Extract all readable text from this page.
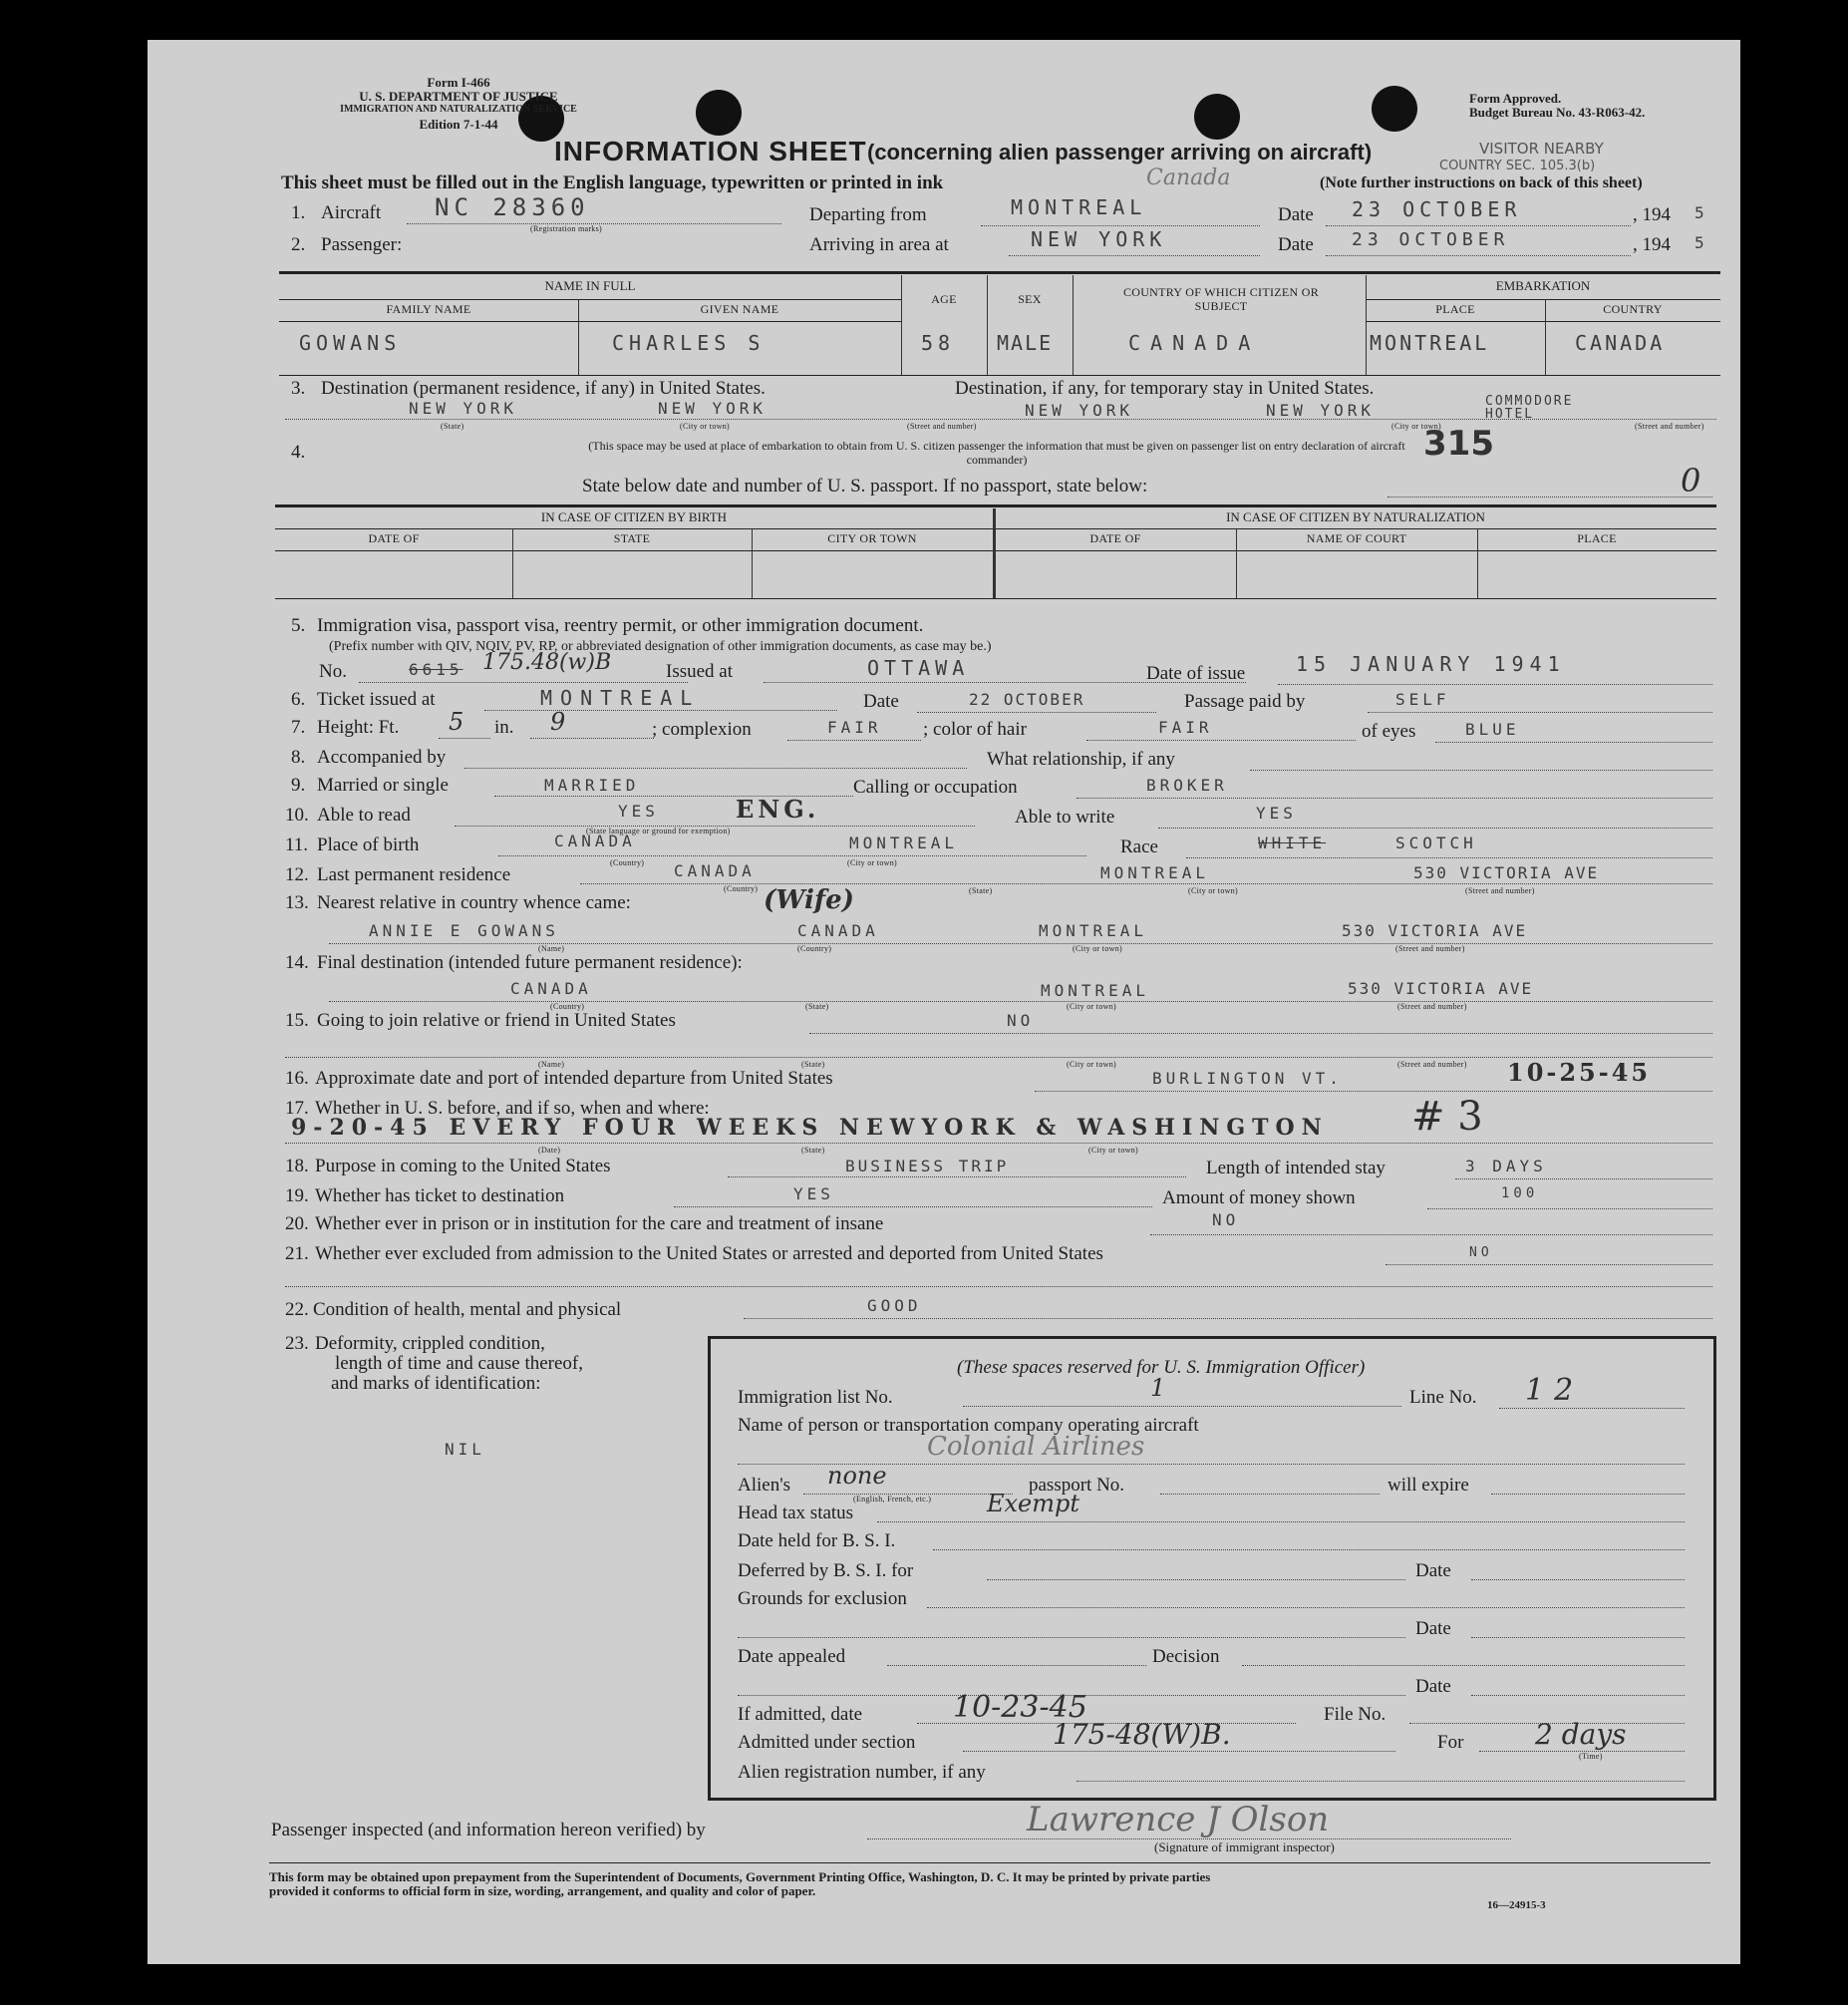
Form I-466
U. S. DEPARTMENT OF JUSTICE
IMMIGRATION AND NATURALIZATION SERVICE
Edition 7-1-44
Form Approved.
Budget Bureau No. 43-R063-42.
VISITOR NEARBY
COUNTRY SEC. 105.3(b)
INFORMATION SHEET (concerning alien passenger arriving on aircraft)
This sheet must be filled out in the English language, typewritten or printed in ink	Canada	(Note further instructions on back of this sheet)
1. Aircraft NC 28360
(Registration marks)
Departing from	MONTREAL	Date 23 OCTOBER	, 194 5
2. Passenger:	Arriving in area at	NEW YORK	Date 23 OCTOBER	, 194 5
NAME IN FULL
FAMILY NAME	GIVEN NAME
AGE	SEX	COUNTRY OF WHICH CITIZEN OR SUBJECT
EMBARKATION
PLACE	COUNTRY
GOWANS	CHARLES S	58 MALE	CANADA	MONTREAL	CANADA
3. Destination (permanent residence, if any) in United States.	Destination, if any, for temporary stay in United States.
NEW YORK	NEW YORK	NEW YORK	NEW YORK	COMMODORE HOTEL
(State)	(City or town)	(Street and number)	(City or town)	(Street and number)
4.	(This space may be used at place of embarkation to obtain from U. S. citizen passenger the information that must be given on passenger list on entry declaration of aircraft commander)	315
State below date and number of U. S. passport. If no passport, state below:	0
IN CASE OF CITIZEN BY BIRTH	IN CASE OF CITIZEN BY NATURALIZATION
DATE OF	STATE	CITY OR TOWN	DATE OF	NAME OF COURT	PLACE
5. Immigration visa, passport visa, reentry permit, or other immigration document.
(Prefix number with QIV, NQIV, PV, RP, or abbreviated designation of other immigration documents, as case may be.)
No.	6615 175.48(w)B	Issued at	OTTAWA	Date of issue	15 JANUARY 1941
6. Ticket issued at	MONTREAL	Date	22 OCTOBER	Passage paid by	SELF
7. Height: Ft. 5 in. 9	; complexion	FAIR ; color of hair	FAIR	of eyes	BLUE
8. Accompanied by	What relationship, if any
9. Married or single	MARRIED	Calling or occupation	BROKER
10. Able to read	YES	ENG.
(State language or ground for exemption)
Able to write	YES
11. Place of birth	CANADA	MONTREAL
(Country)	(City or town)
Race	WHITE	SCOTCH
12. Last permanent residence	CANADA	MONTREAL	530 VICTORIA AVE
(Country)	(State)	(City or town)	(Street and number)
13. Nearest relative in country whence came:	(Wife)
ANNIE E GOWANS	CANADA	MONTREAL	530 VICTORIA AVE
(Name)	(Country)	(City or town)	(Street and number)
14. Final destination (intended future permanent residence):
CANADA	MONTREAL	530 VICTORIA AVE
(Country)	(State)	(City or town)	(Street and number)
15. Going to join relative or friend in United States	NO
(Name)	(State)	(City or town)	(Street and number)
16. Approximate date and port of intended departure from United States	BURLINGTON VT.	10-25-45
17. Whether in U. S. before, and if so, when and where:
9-20-45 EVERY FOUR WEEKS NEWYORK & WASHINGTON # 3
(Date)	(State)	(City or town)
18. Purpose in coming to the United States	BUSINESS TRIP	Length of intended stay	3 DAYS
19. Whether has ticket to destination	YES	Amount of money shown	100
20. Whether ever in prison or in institution for the care and treatment of insane	NO
21. Whether ever excluded from admission to the United States or arrested and deported from United States	NO
22. Condition of health, mental and physical	GOOD
23. Deformity, crippled condition,
length of time and cause thereof,
and marks of identification:
NIL
(These spaces reserved for U. S. Immigration Officer)
Immigration list No.	1	Line No. 12
Name of person or transportation company operating aircraft
Colonial Airlines
Alien's none
(English, French, etc.)
passport No.	will expire
Head tax status	Exempt
Date held for B. S. I.
Deferred by B. S. I. for	Date
Grounds for exclusion
Date
Date appealed	Decision
Date
If admitted, date	10-23-45	File No.
Admitted under section	175-48(W)B.	For	2 days
(Time)
Alien registration number, if any
Passenger inspected (and information hereon verified) by	Lawrence J Olson
(Signature of immigrant inspector)
This form may be obtained upon prepayment from the Superintendent of Documents, Government Printing Office, Washington, D. C. It may be printed by private parties
provided it conforms to official form in size, wording, arrangement, and quality and color of paper.
16—24915-3
